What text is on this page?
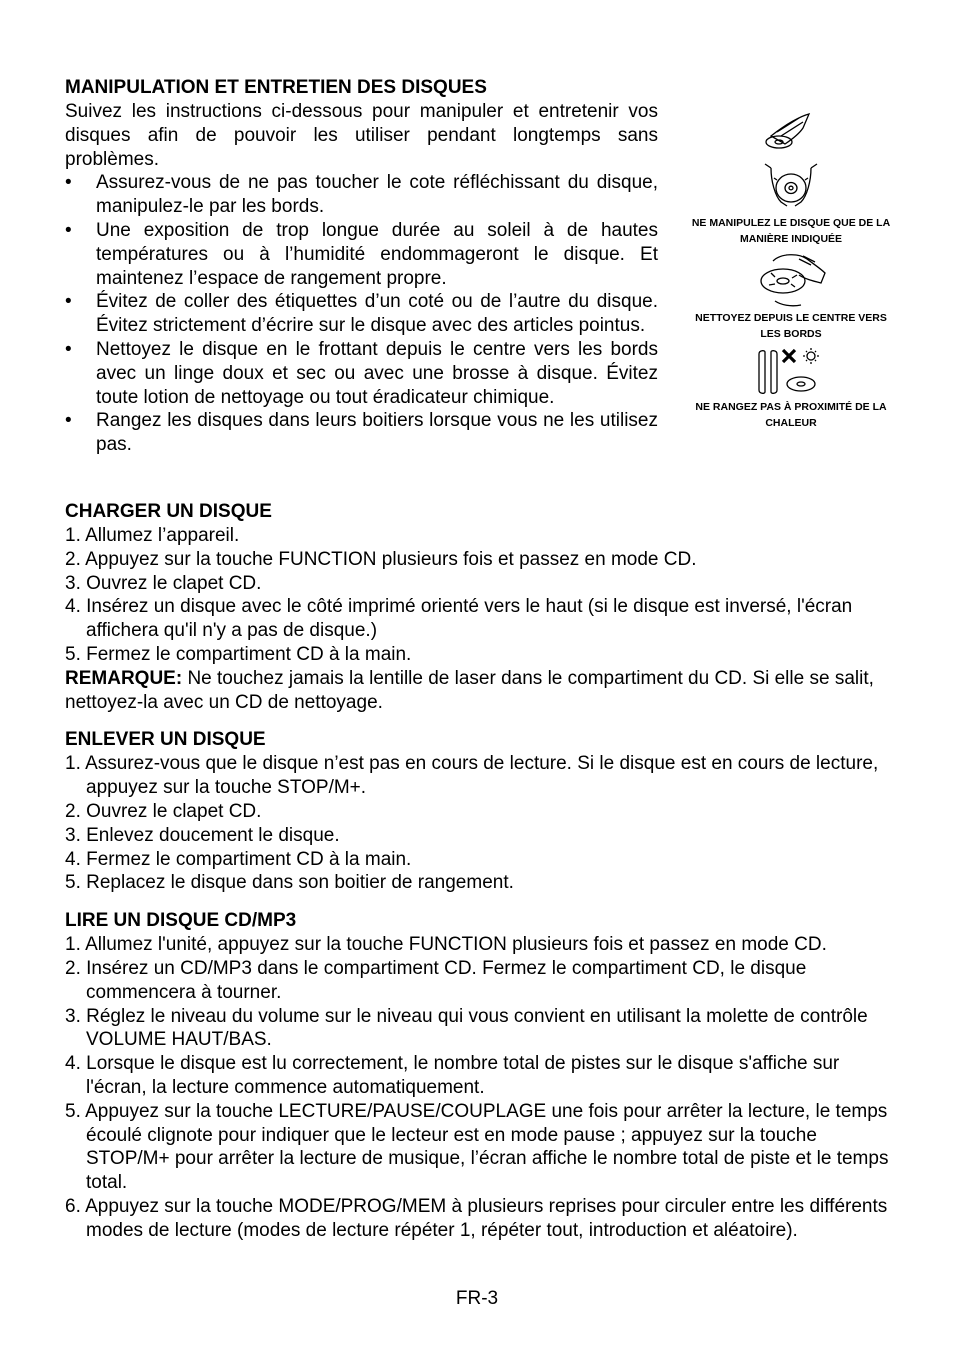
MANIPULATION ET ENTRETIEN DES DISQUES

Suivez les instructions ci-dessous pour manipuler et entretenir vos disques afin de pouvoir les utiliser pendant longtemps sans problèmes.

• Assurez-vous de ne pas toucher le cote réfléchissant du disque, manipulez-le par les bords.
• Une exposition de trop longue durée au soleil à de hautes températures ou à l’humidité endommageront le disque. Et maintenez l’espace de rangement propre.
• Évitez de coller des étiquettes d’un coté ou de l’autre du disque. Évitez strictement d’écrire sur le disque avec des articles pointus.
• Nettoyez le disque en le frottant depuis le centre vers les bords avec un linge doux et sec ou avec une brosse à disque. Évitez toute lotion de nettoyage ou tout éradicateur chimique.
• Rangez les disques dans leurs boitiers lorsque vous ne les utilisez pas.
NE MANIPULEZ LE DISQUE QUE DE LA MANIÈRE INDIQUÉE
NETTOYEZ DEPUIS LE CENTRE VERS LES BORDS
NE RANGEZ PAS À PROXIMITÉ DE LA CHALEUR
CHARGER UN DISQUE
1. Allumez l’appareil.
2. Appuyez sur la touche FUNCTION plusieurs fois et passez en mode CD.
3. Ouvrez le clapet CD.
4. Insérez un disque avec le côté imprimé orienté vers le haut (si le disque est inversé, l'écran affichera qu'il n'y a pas de disque.)
5. Fermez le compartiment CD à la main.

REMARQUE: Ne touchez jamais la lentille de laser dans le compartiment du CD. Si elle se salit, nettoyez-la avec un CD de nettoyage.

ENLEVER UN DISQUE
1. Assurez-vous que le disque n’est pas en cours de lecture. Si le disque est en cours de lecture, appuyez sur la touche STOP/M+.
2. Ouvrez le clapet CD.
3. Enlevez doucement le disque.
4. Fermez le compartiment CD à la main.
5. Replacez le disque dans son boitier de rangement.
LIRE UN DISQUE CD/MP3
1. Allumez l'unité, appuyez sur la touche FUNCTION plusieurs fois et passez en mode CD.
2. Insérez un CD/MP3 dans le compartiment CD. Fermez le compartiment CD, le disque commencera à tourner.
3. Réglez le niveau du volume sur le niveau qui vous convient en utilisant la molette de contrôle VOLUME HAUT/BAS.
4. Lorsque le disque est lu correctement, le nombre total de pistes sur le disque s'affiche sur l'écran, la lecture commence automatiquement.
5. Appuyez sur la touche LECTURE/PAUSE/COUPLAGE une fois pour arrêter la lecture, le temps écoulé clignote pour indiquer que le lecteur est en mode pause ; appuyez sur la touche STOP/M+ pour arrêter la lecture de musique, l’écran affiche le nombre total de piste et le temps total.
6. Appuyez sur la touche MODE/PROG/MEM à plusieurs reprises pour circuler entre les différents modes de lecture (modes de lecture répéter 1, répéter tout, introduction et aléatoire).
FR-3
